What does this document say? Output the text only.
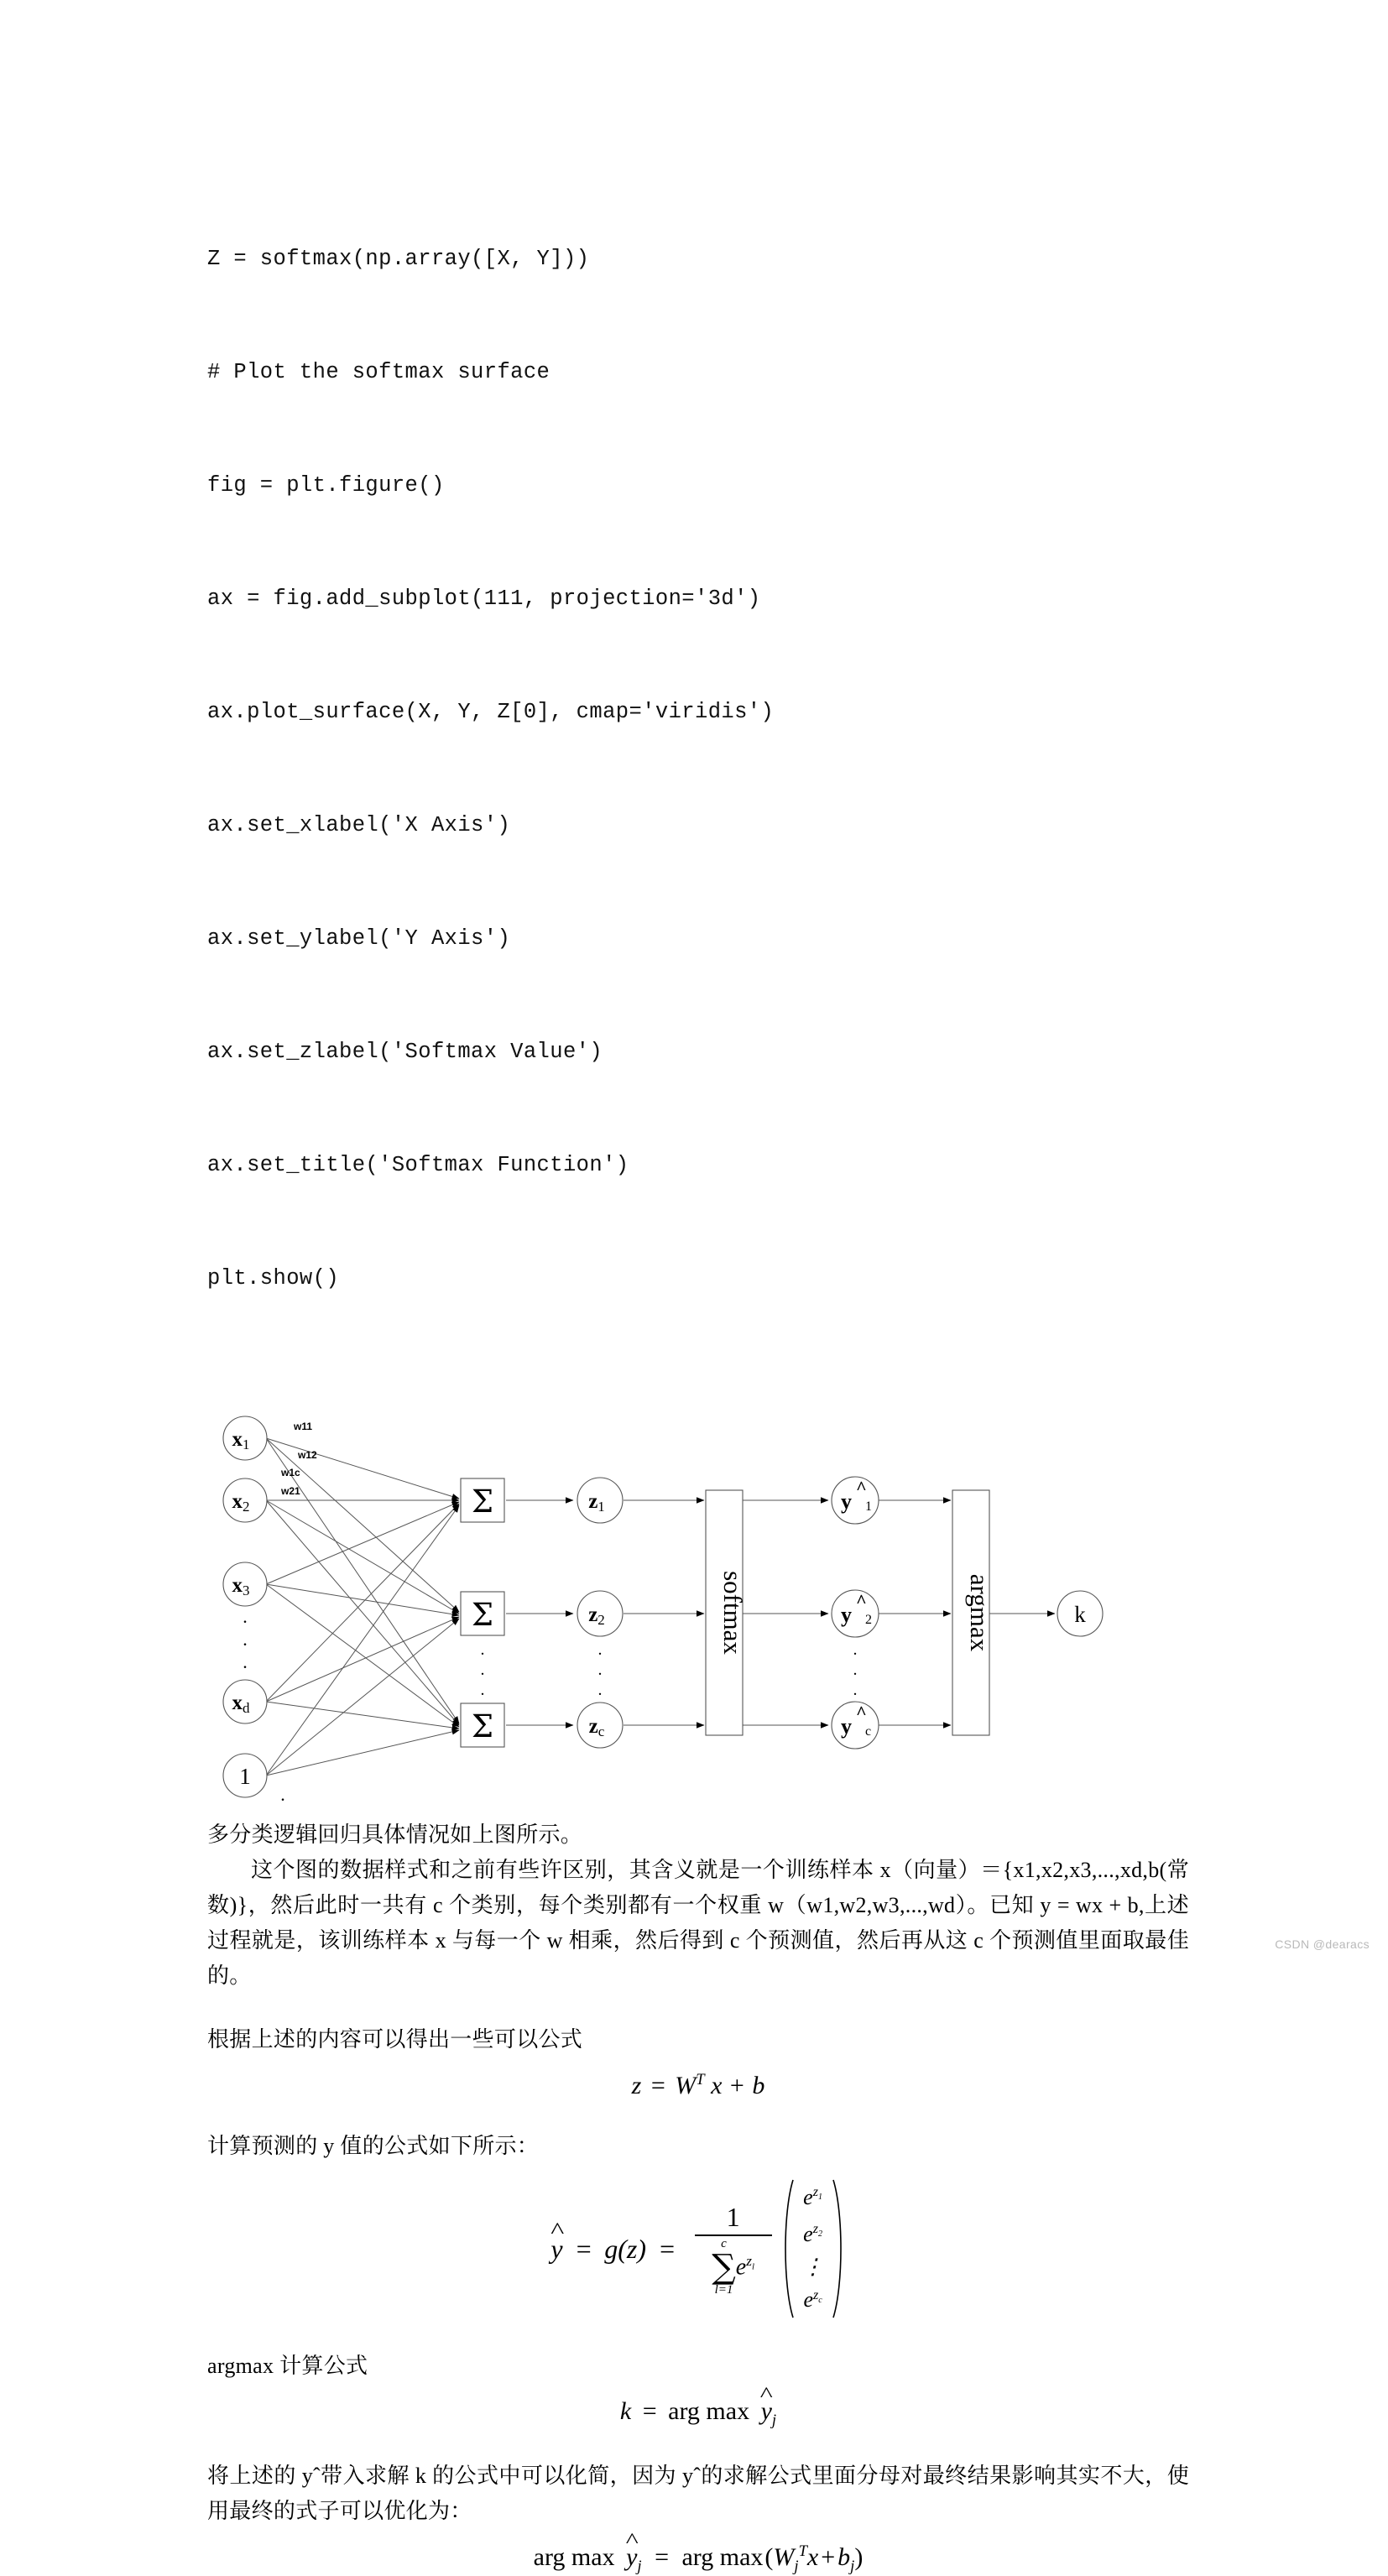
Z = softmax(np.array([X, Y]))

# Plot the softmax surface

fig = plt.figure()

ax = fig.add_subplot(111, projection='3d')

ax.plot_surface(X, Y, Z[0], cmap='viridis')

ax.set_xlabel('X Axis')

ax.set_ylabel('Y Axis')

ax.set_zlabel('Softmax Value')

ax.set_title('Softmax Function')

plt.show()

x1
x2
x3
xd
1
w11
w12
w1c
w21
.
.
.
.
Σ
Σ
Σ
.
.
.
z1
z2
zc
.
.
.
softmax
y
^
1
y
^
2
y
^
c
.
.
.
argmax	k

多分类逻辑回归具体情况如上图所示。

这个图的数据样式和之前有些许区别，其含义就是一个训练样本 x（向量）＝{x1,x2,x3,...,xd,b(常数)}，然后此时一共有 c 个类别，每个类别都有一个权重 w（w1,w2,w3,...,wd）。已知 y = wx + b,上述过程就是，该训练样本 x 与每一个 w 相乘，然后得到 c 个预测值，然后再从这 c 个预测值里面取最佳的。

根据上述的内容可以得出一些可以公式

$z = W^T$ x + b

计算预测的 y 值的公式如下所示：

^ y = g(z) =
1
c
∑
l=1
$e^{z_l}$
$e^{z_1}$
$e^{z_2}$
⋮
$e^{z_c}$

argmax 计算公式

k = arg max ^ $y_j$

将上述的 yˆ带入求解 k 的公式中可以化简，因为 yˆ的求解公式里面分母对最终结果影响其实不大，使用最终的式子可以优化为：

arg max ^ $y_j$ = arg $\max(W_j^Tx + b_j)$
CSDN @dearacs
